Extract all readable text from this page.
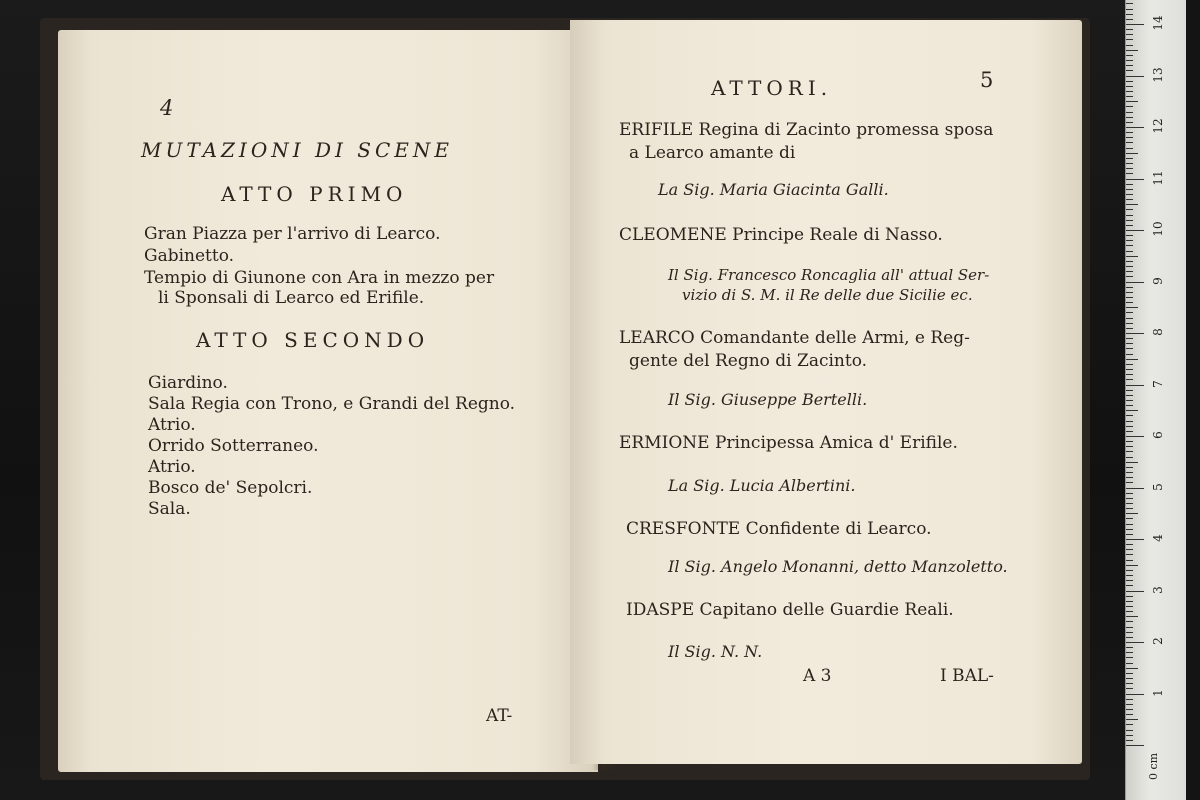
4
MUTAZIONI DI SCENE
ATTO PRIMO
Gran Piazza per l'arrivo di Learco.
Gabinetto.
Tempio di Giunone con Ara in mezzo per
li Sponsali di Learco ed Erifile.
ATTO SECONDO
Giardino.
Sala Regia con Trono, e Grandi del Regno.
Atrio.
Orrido Sotterraneo.
Atrio.
Bosco de' Sepolcri.
Sala.
AT-
5
ATTORI.
ERIFILE Regina di Zacinto promessa sposa
a Learco amante di
La Sig. Maria Giacinta Galli.
CLEOMENE Principe Reale di Nasso.
Il Sig. Francesco Roncaglia all' attual Ser-
vizio di S. M. il Re delle due Sicilie ec.
LEARCO Comandante delle Armi, e Reg-
gente del Regno di Zacinto.
Il Sig. Giuseppe Bertelli.
ERMIONE Principessa Amica d' Erifile.
La Sig. Lucia Albertini.
CRESFONTE Confidente di Learco.
Il Sig. Angelo Monanni, detto Manzoletto.
IDASPE Capitano delle Guardie Reali.
Il Sig. N. N.
A 3	I BAL-
1
2
3
4
5
6
7
8
9
10
11
12
13
14
0 cm
